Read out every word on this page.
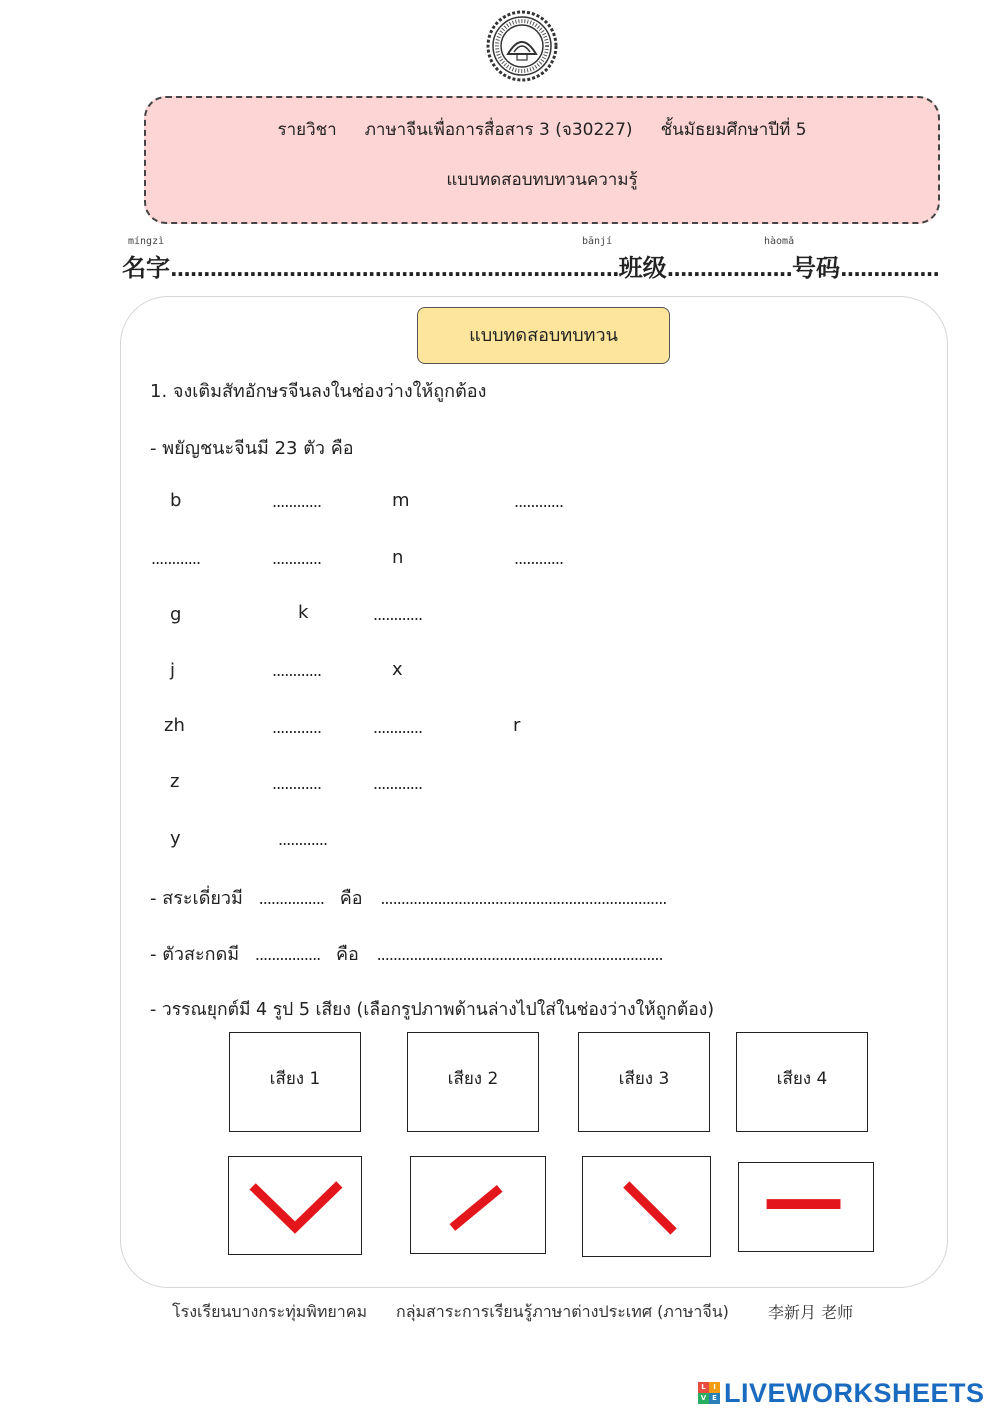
รายวิชา ภาษาจีนเพื่อการสื่อสาร 3 (จ30227) ชั้นมัธยมศึกษาปีที่ 5
แบบทดสอบทบทวนความรู้
míngzì	bānjí	hàomǎ
名字....................................................................班级...................号码...............
แบบทดสอบทบทวน
1. จงเติมสัทอักษรจีนลงในช่องว่างให้ถูกต้อง
- พยัญชนะจีนมี 23 ตัว คือ
b	............	m	............
............	............	n	............
g	k	............
j	............	x
zh	............	............	r
z	............	............
y	............
- สระเดี่ยวมี ................ คือ ......................................................................
- ตัวสะกดมี ................ คือ ......................................................................
- วรรณยุกต์มี 4 รูป 5 เสียง (เลือกรูปภาพด้านล่างไปใส่ในช่องว่างให้ถูกต้อง)
เสียง 1	เสียง 2	เสียง 3	เสียง 4
โรงเรียนบางกระทุ่มพิทยาคม กลุ่มสาระการเรียนรู้ภาษาต่างประเทศ (ภาษาจีน) 李新月 老师
L	I
V E LIVEWORKSHEETS
